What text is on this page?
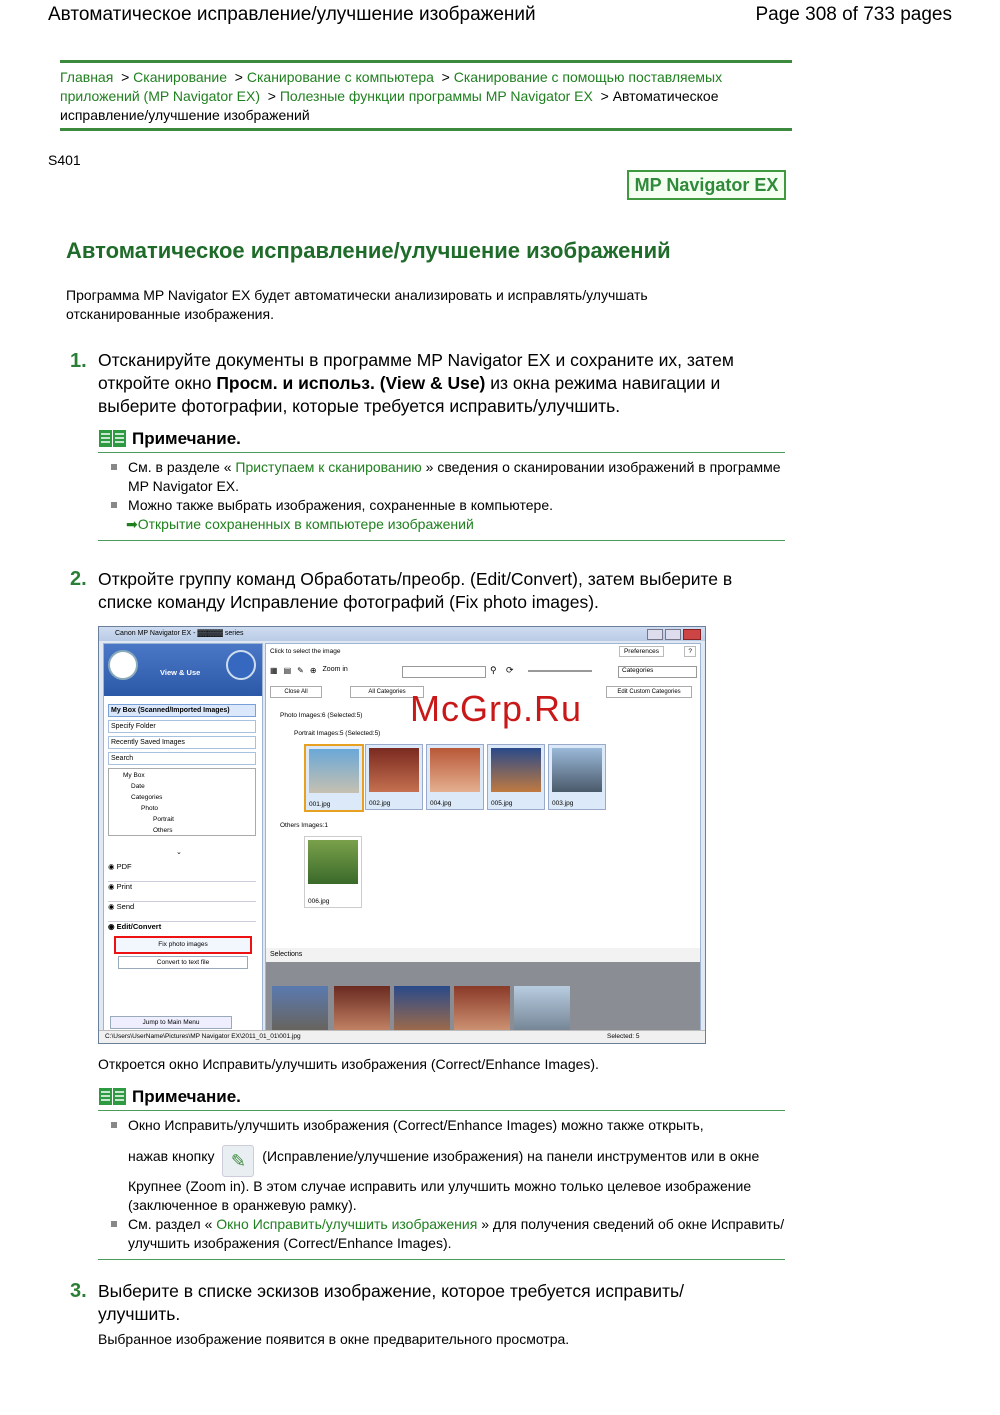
Автоматическое исправление/улучшение изображений	Page 308 of 733 pages
Главная > Сканирование > Сканирование с компьютера > Сканирование с помощью поставляемых приложений (MP Navigator EX) > Полезные функции программы MP Navigator EX > Автоматическое исправление/улучшение изображений
S401
MP Navigator EX
Автоматическое исправление/улучшение изображений
Программа MP Navigator EX будет автоматически анализировать и исправлять/улучшать отсканированные изображения.
1. Отсканируйте документы в программе MP Navigator EX и сохраните их, затем откройте окно Просм. и использ. (View & Use) из окна режима навигации и выберите фотографии, которые требуется исправить/улучшить.
Примечание.
См. в разделе « Приступаем к сканированию » сведения о сканировании изображений в программе MP Navigator EX.
Можно также выбрать изображения, сохраненные в компьютере.
➡Открытие сохраненных в компьютере изображений
2. Откройте группу команд Обработать/преобр. (Edit/Convert), затем выберите в списке команду Исправление фотографий (Fix photo images).
Canon MP Navigator EX - ▓▓▓▓▓ series
View & Use
My Box (Scanned/Imported Images)
Specify Folder
Recently Saved Images
Search
My Box
Date
Categories
Photo
Portrait
Others
⌄
◉ PDF
◉ Print
◉ Send
◉ Edit/Convert
Fix photo images
Convert to text file
Jump to Main Menu
Click to select the image	Preferences	?
▦ ▤ ✎ ⊕ Zoom in	⚲ ⟳	Categories
Close All	All Categories	Edit Custom Categories
Photo Images:6 (Selected:5)
Portrait Images:5 (Selected:5)
001.jpg	002.jpg	004.jpg	005.jpg	003.jpg
Others Images:1
006.jpg
Selections
C:\Users\UserName\Pictures\MP Navigator EX\2011_01_01\001.jpg	Selected: 5
McGrp.Ru
Откроется окно Исправить/улучшить изображения (Correct/Enhance Images).
Примечание.
Окно Исправить/улучшить изображения (Correct/Enhance Images) можно также открыть,
нажав кнопку ✎ (Исправление/улучшение изображения) на панели инструментов или в окне Крупнее (Zoom in). В этом случае исправить или улучшить можно только целевое изображение (заключенное в оранжевую рамку).
См. раздел « Окно Исправить/улучшить изображения » для получения сведений об окне Исправить/улучшить изображения (Correct/Enhance Images).
3. Выберите в списке эскизов изображение, которое требуется исправить/ улучшить.
Выбранное изображение появится в окне предварительного просмотра.
